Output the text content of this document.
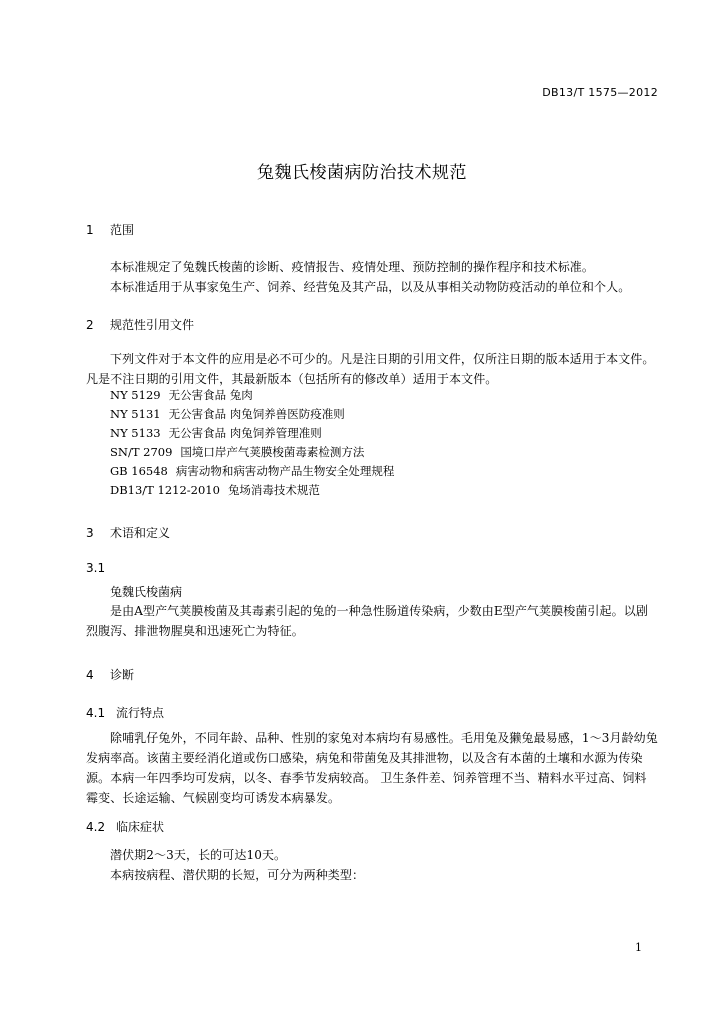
DB13/T 1575—2012
兔魏氏梭菌病防治技术规范
1 范围
本标准规定了兔魏氏梭菌的诊断、疫情报告、疫情处理、预防控制的操作程序和技术标准。
本标准适用于从事家兔生产、饲养、经营兔及其产品，以及从事相关动物防疫活动的单位和个人。
2 规范性引用文件
下列文件对于本文件的应用是必不可少的。凡是注日期的引用文件，仅所注日期的版本适用于本文件。凡是不注日期的引用文件，其最新版本（包括所有的修改单）适用于本文件。
NY 5129 无公害食品 兔肉
NY 5131 无公害食品 肉兔饲养兽医防疫准则
NY 5133 无公害食品 肉兔饲养管理准则
SN/T 2709 国境口岸产气荚膜梭菌毒素检测方法
GB 16548 病害动物和病害动物产品生物安全处理规程
DB13/T 1212-2010 兔场消毒技术规范
3 术语和定义
3.1
兔魏氏梭菌病
是由A型产气荚膜梭菌及其毒素引起的兔的一种急性肠道传染病，少数由E型产气荚膜梭菌引起。以剧烈腹泻、排泄物腥臭和迅速死亡为特征。
4 诊断
4.1 流行特点
除哺乳仔兔外，不同年龄、品种、性别的家兔对本病均有易感性。毛用兔及獭兔最易感，1～3月龄幼兔发病率高。该菌主要经消化道或伤口感染，病兔和带菌兔及其排泄物，以及含有本菌的土壤和水源为传染源。本病一年四季均可发病，以冬、春季节发病较高。 卫生条件差、饲养管理不当、精料水平过高、饲料霉变、长途运输、气候剧变均可诱发本病暴发。
4.2 临床症状
潜伏期2～3天，长的可达10天。
本病按病程、潜伏期的长短，可分为两种类型：
1
